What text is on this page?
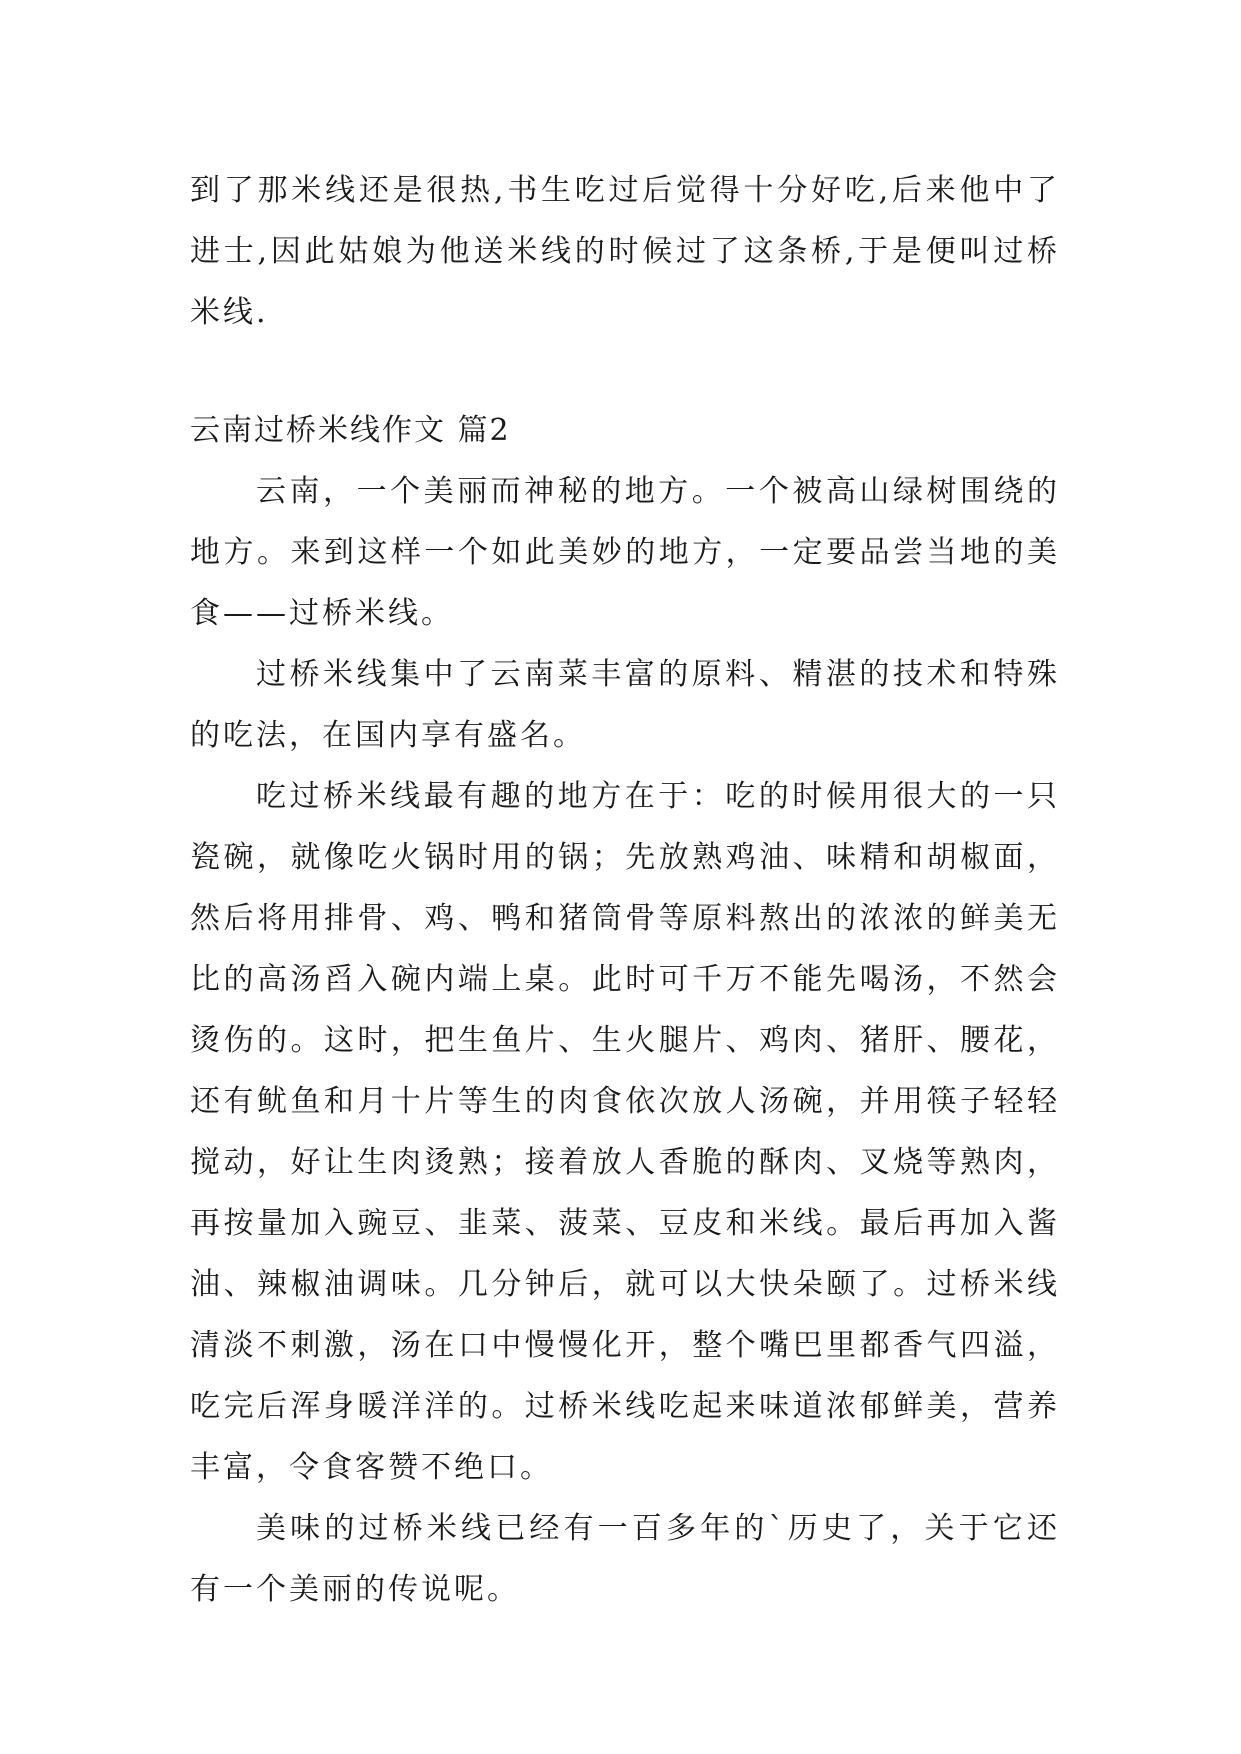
到了那米线还是很热,书生吃过后觉得十分好吃,后来他中了进士,因此姑娘为他送米线的时候过了这条桥,于是便叫过桥米线.

云南过桥米线作文 篇2

云南，一个美丽而神秘的地方。一个被高山绿树围绕的地方。来到这样一个如此美妙的地方，一定要品尝当地的美食——过桥米线。

过桥米线集中了云南菜丰富的原料、精湛的技术和特殊的吃法，在国内享有盛名。

吃过桥米线最有趣的地方在于：吃的时候用很大的一只瓷碗，就像吃火锅时用的锅；先放熟鸡油、味精和胡椒面，然后将用排骨、鸡、鸭和猪筒骨等原料熬出的浓浓的鲜美无比的高汤舀入碗内端上桌。此时可千万不能先喝汤，不然会烫伤的。这时，把生鱼片、生火腿片、鸡肉、猪肝、腰花，还有鱿鱼和月十片等生的肉食依次放人汤碗，并用筷子轻轻搅动，好让生肉烫熟；接着放人香脆的酥肉、叉烧等熟肉，再按量加入豌豆、韭菜、菠菜、豆皮和米线。最后再加入酱油、辣椒油调味。几分钟后，就可以大快朵颐了。过桥米线清淡不刺激，汤在口中慢慢化开，整个嘴巴里都香气四溢，吃完后浑身暖洋洋的。过桥米线吃起来味道浓郁鲜美，营养丰富，令食客赞不绝口。

美味的过桥米线已经有一百多年的`历史了，关于它还有一个美丽的传说呢。
